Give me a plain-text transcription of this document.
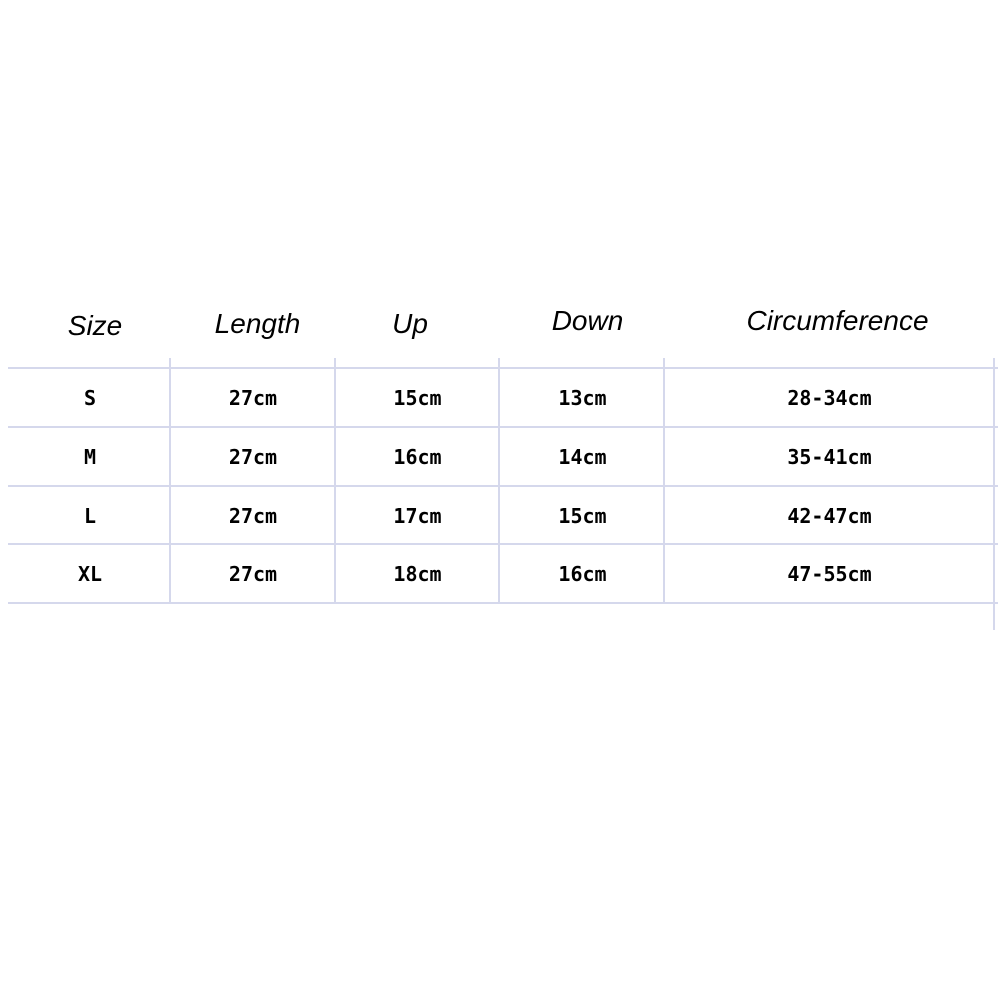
Size	Length	Up	Down	Circumference
S	27cm	15cm	13cm	28-34cm
M	27cm	16cm	14cm	35-41cm
L	27cm	17cm	15cm	42-47cm
XL	27cm	18cm	16cm	47-55cm
